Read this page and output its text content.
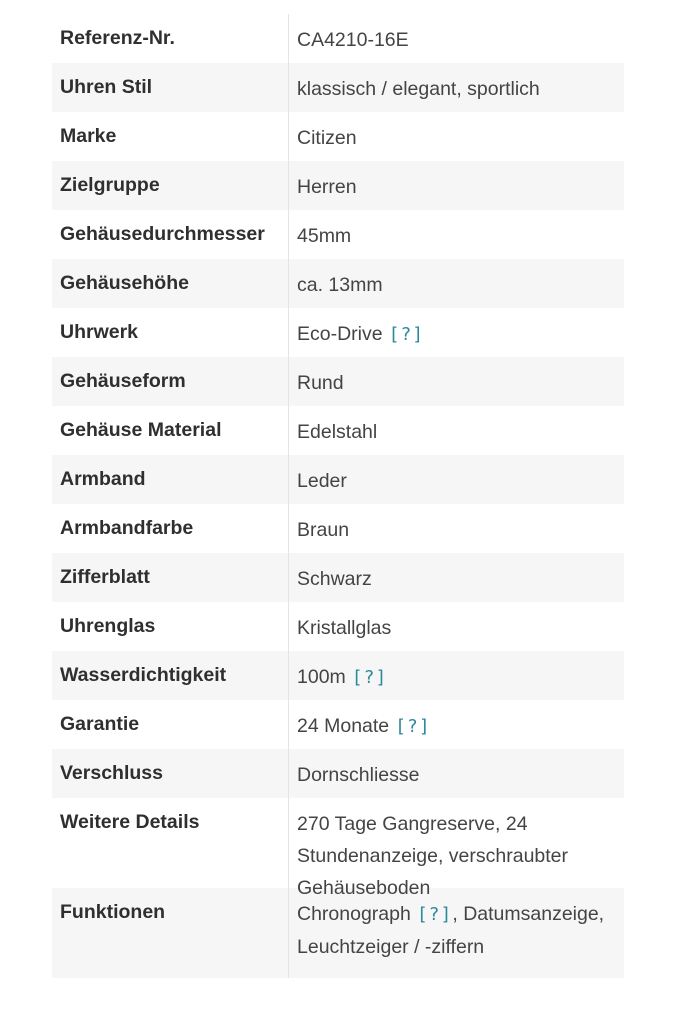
Referenz-Nr.	CA4210-16E
Uhren Stil	klassisch / elegant, sportlich
Marke	Citizen
Zielgruppe	Herren
Gehäusedurchmesser	45mm
Gehäusehöhe	ca. 13mm
Uhrwerk	Eco-Drive [?]
Gehäuseform	Rund
Gehäuse Material	Edelstahl
Armband	Leder
Armbandfarbe	Braun
Zifferblatt	Schwarz
Uhrenglas	Kristallglas
Wasserdichtigkeit	100m [?]
Garantie	24 Monate [?]
Verschluss	Dornschliesse
Weitere Details	270 Tage Gangreserve, 24 Stundenanzeige, verschraubter Gehäuseboden
Funktionen	Chronograph [?], Datumsanzeige, Leuchtzeiger / -ziffern
